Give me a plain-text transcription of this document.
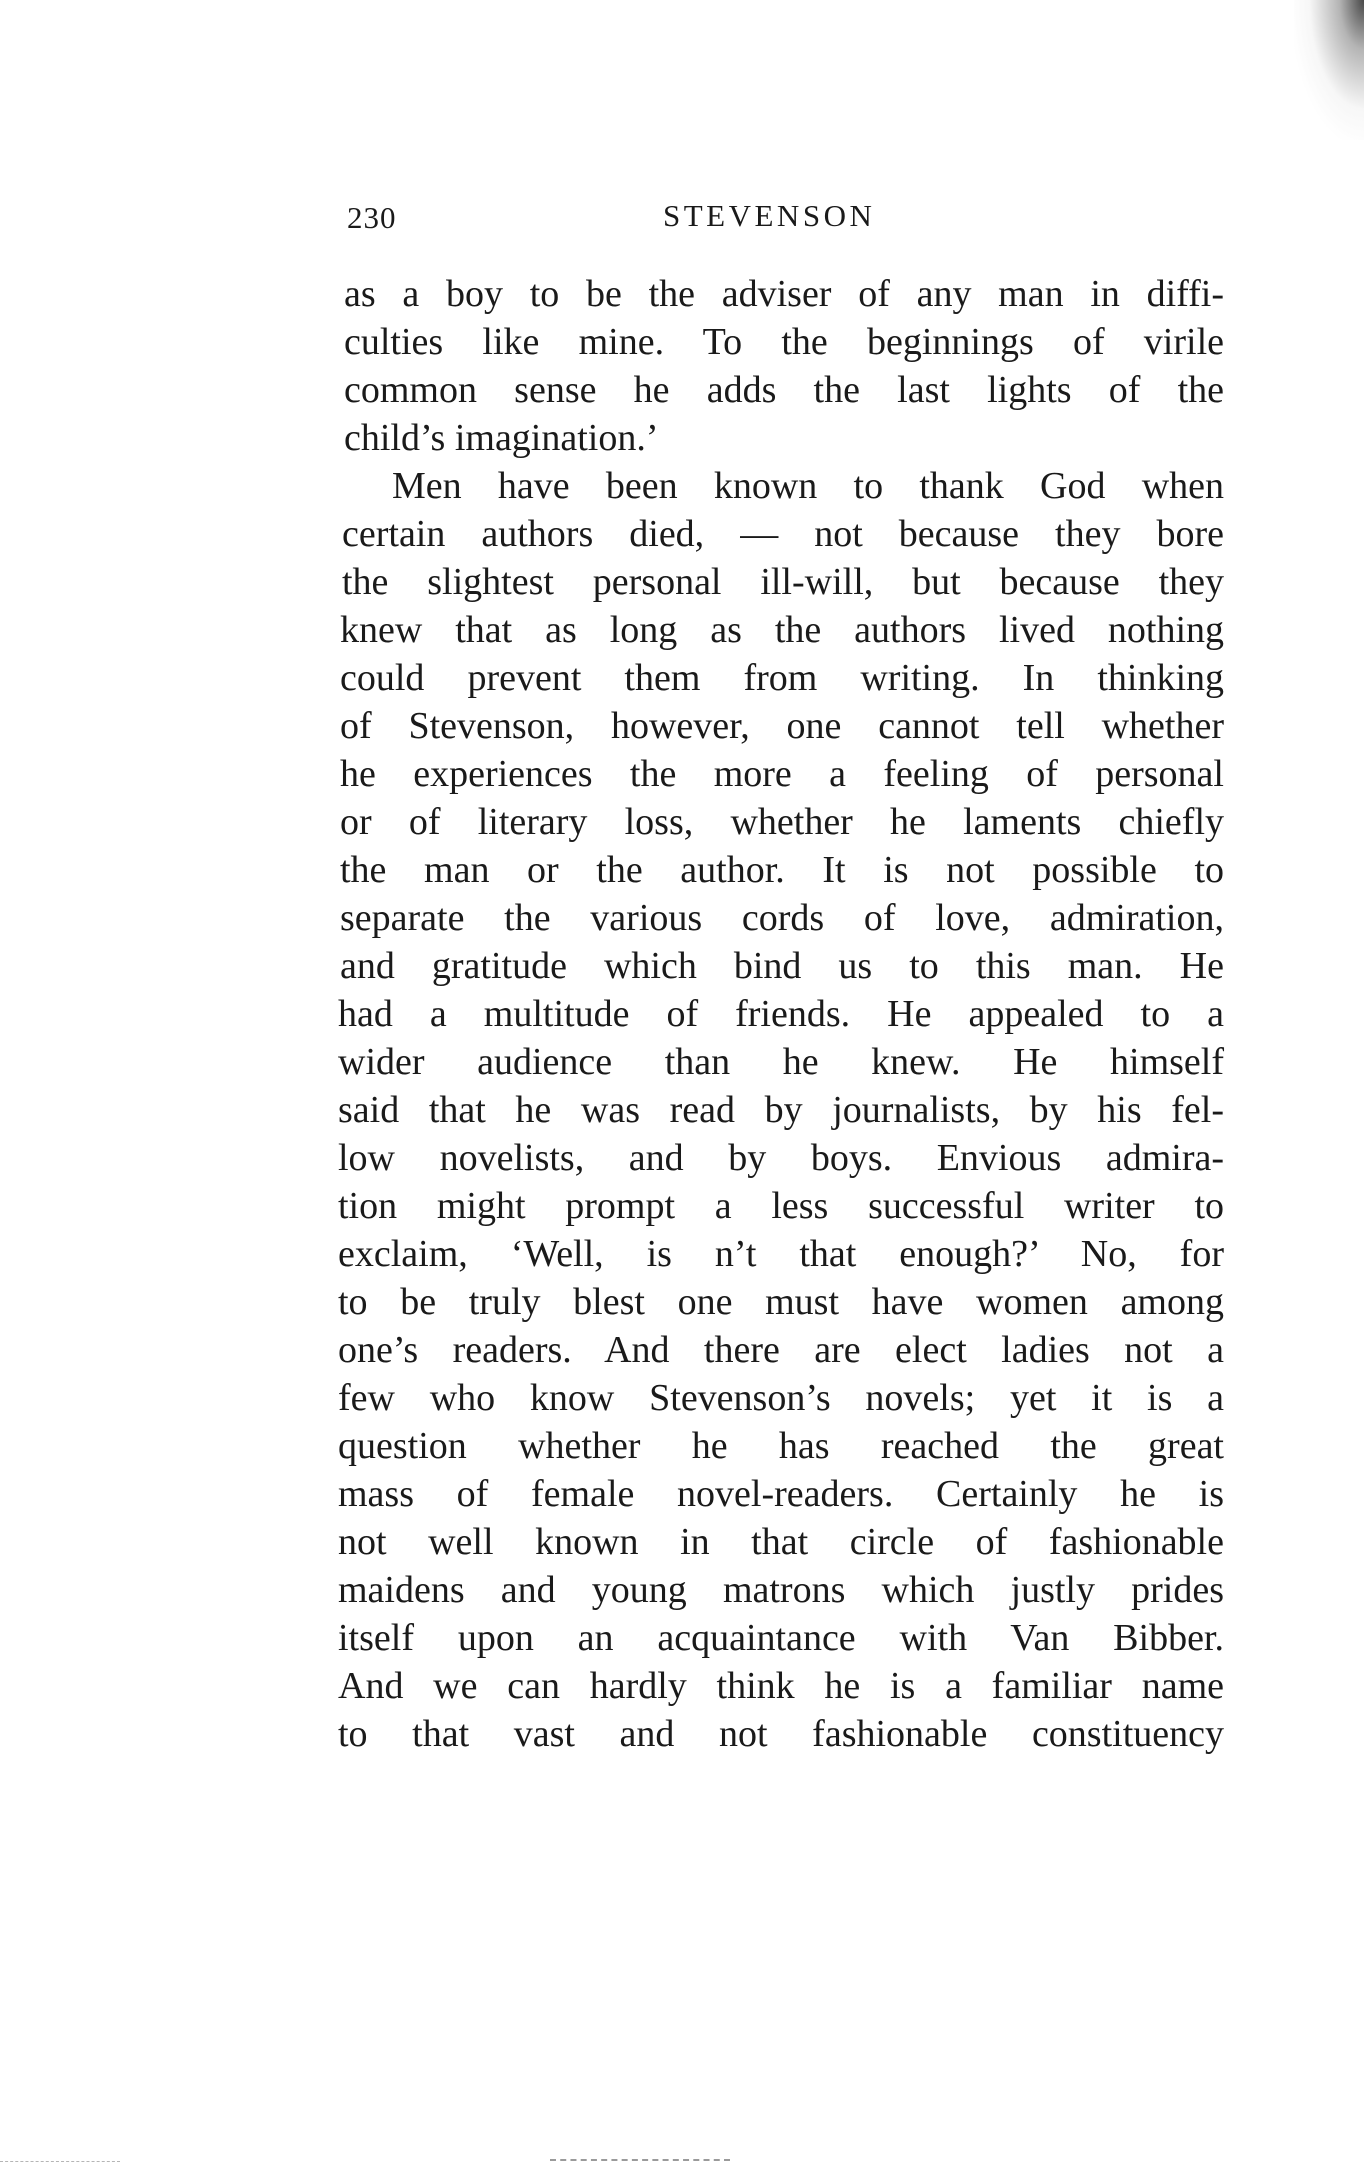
230	STEVENSON
as a boy to be the adviser of any man in diffi-
culties like mine. To the beginnings of virile
common sense he adds the last lights of the
child’s imagination.’
Men have been known to thank God when
certain authors died, — not because they bore
the slightest personal ill-will, but because they
knew that as long as the authors lived nothing
could prevent them from writing. In thinking
of Stevenson, however, one cannot tell whether
he experiences the more a feeling of personal
or of literary loss, whether he laments chiefly
the man or the author. It is not possible to
separate the various cords of love, admiration,
and gratitude which bind us to this man. He
had a multitude of friends. He appealed to a
wider audience than he knew. He himself
said that he was read by journalists, by his fel-
low novelists, and by boys. Envious admira-
tion might prompt a less successful writer to
exclaim, ‘Well, is n’t that enough?’ No, for
to be truly blest one must have women among
one’s readers. And there are elect ladies not a
few who know Stevenson’s novels; yet it is a
question whether he has reached the great
mass of female novel-readers. Certainly he is
not well known in that circle of fashionable
maidens and young matrons which justly prides
itself upon an acquaintance with Van Bibber.
And we can hardly think he is a familiar name
to that vast and not fashionable constituency
